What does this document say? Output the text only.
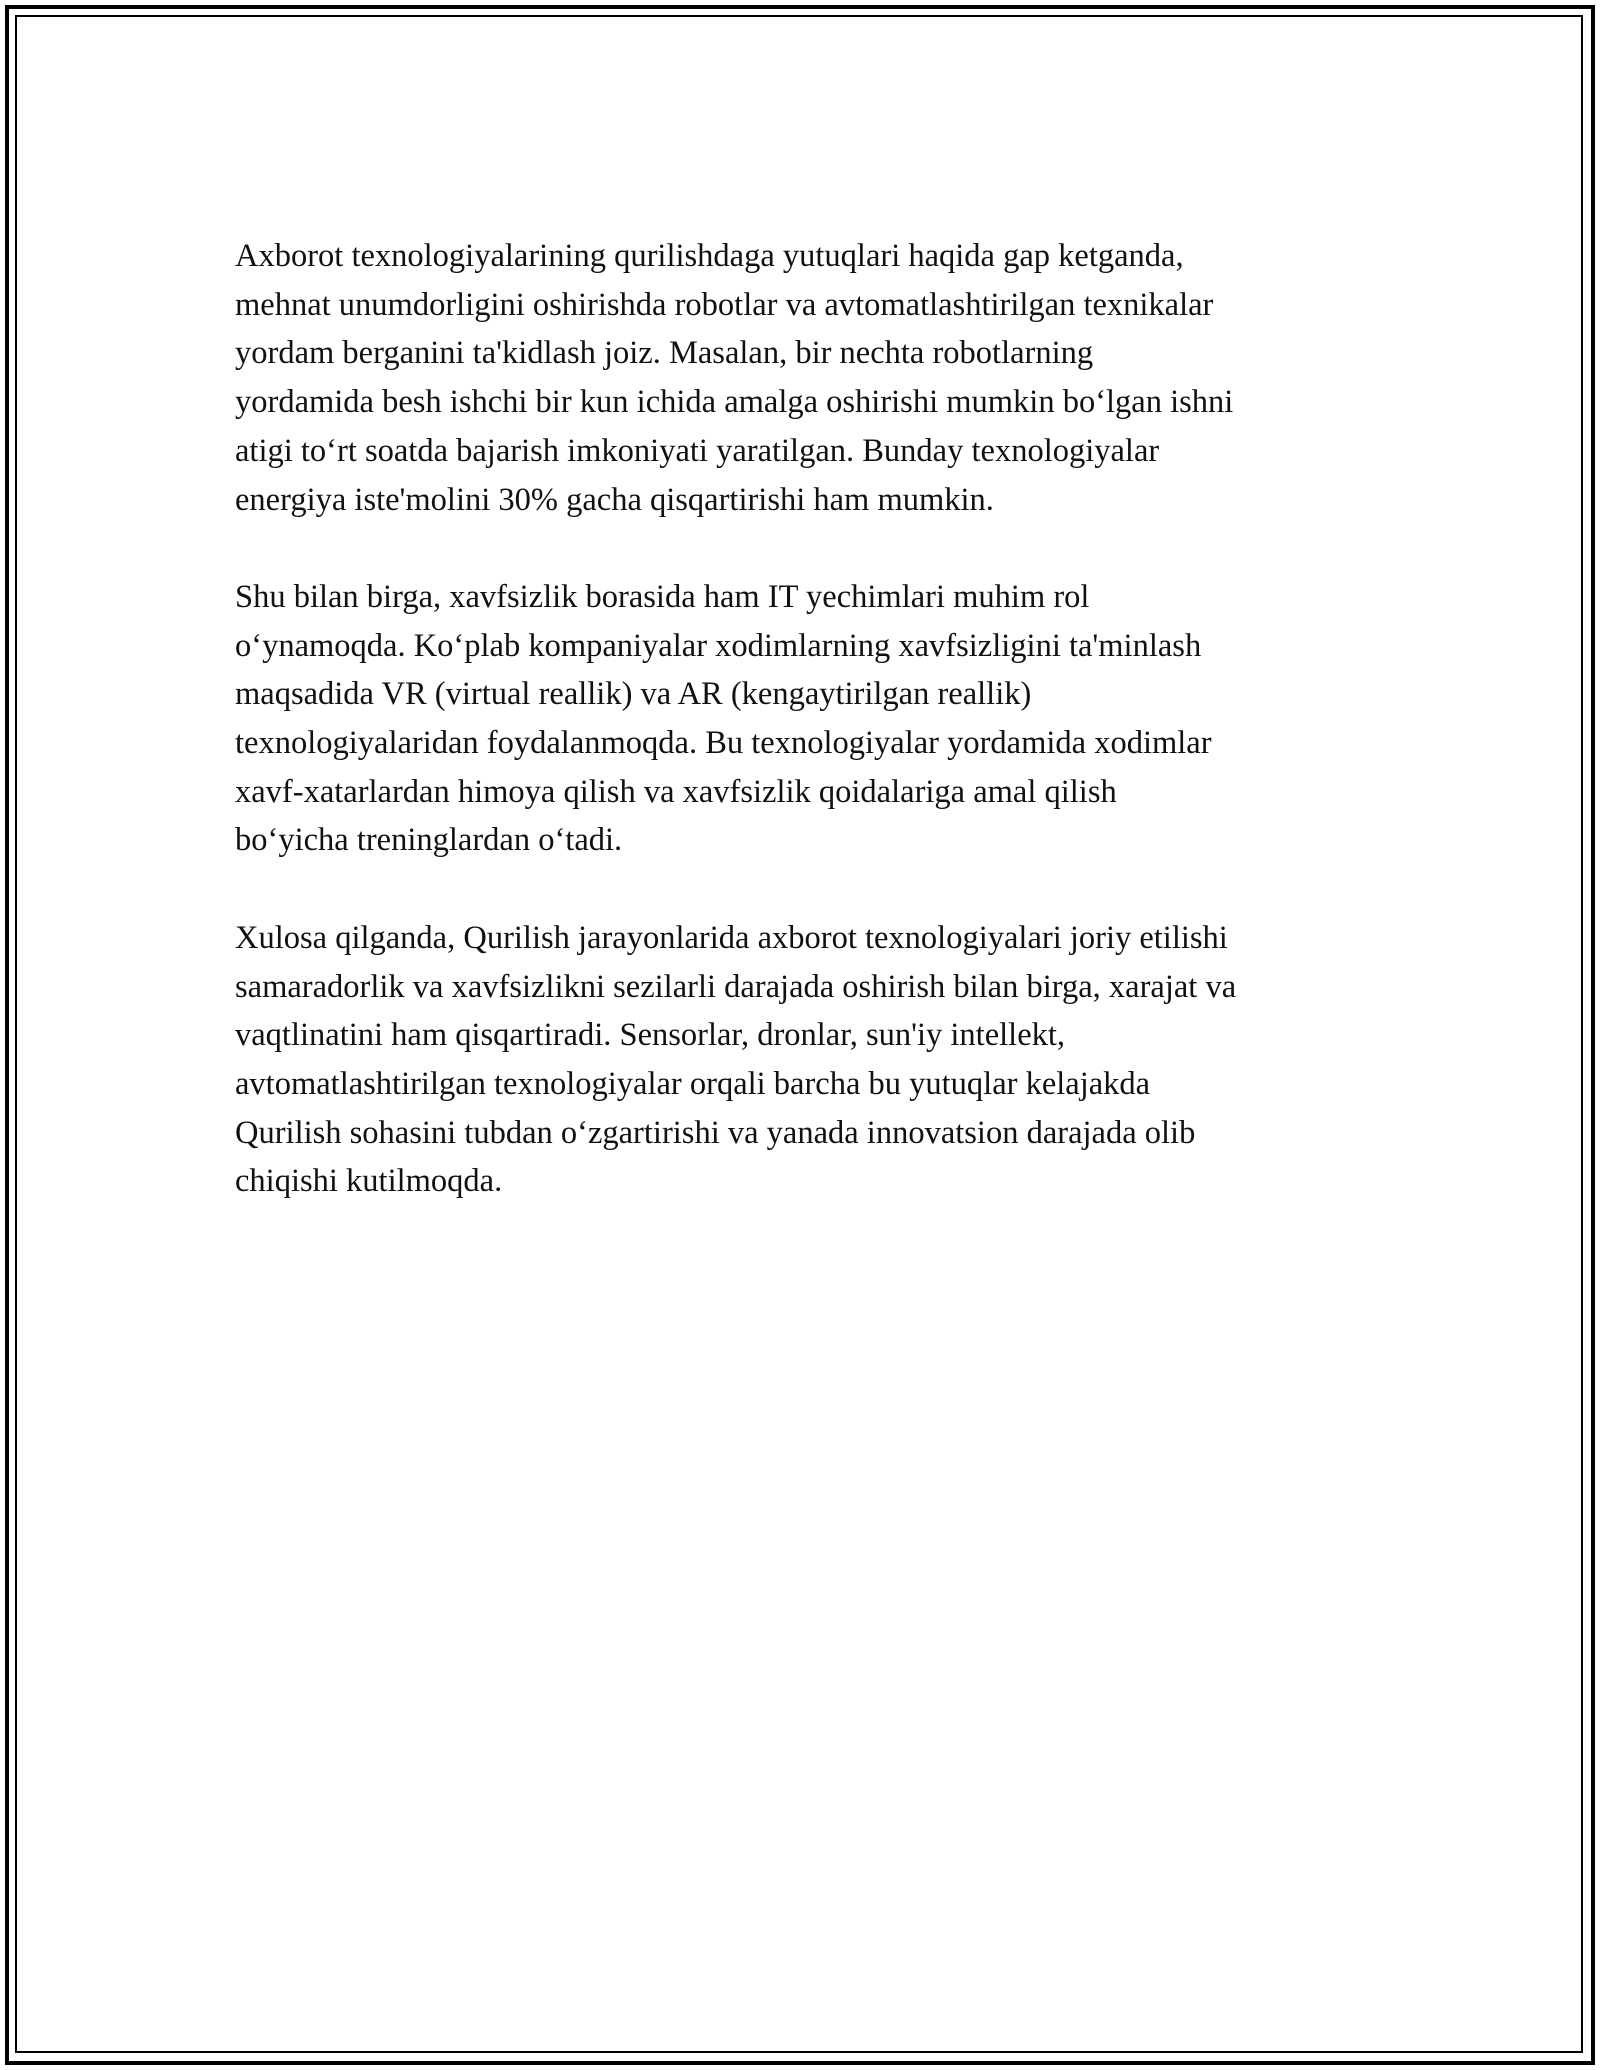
Axborot texnologiyalarining qurilishdaga yutuqlari haqida gap ketganda,
mehnat unumdorligini oshirishda robotlar va avtomatlashtirilgan texnikalar
yordam berganini ta'kidlash joiz. Masalan, bir nechta robotlarning
yordamida besh ishchi bir kun ichida amalga oshirishi mumkin bo‘lgan ishni
atigi to‘rt soatda bajarish imkoniyati yaratilgan. Bunday texnologiyalar
energiya iste'molini 30% gacha qisqartirishi ham mumkin.

Shu bilan birga, xavfsizlik borasida ham IT yechimlari muhim rol
o‘ynamoqda. Ko‘plab kompaniyalar xodimlarning xavfsizligini ta'minlash
maqsadida VR (virtual reallik) va AR (kengaytirilgan reallik)
texnologiyalaridan foydalanmoqda. Bu texnologiyalar yordamida xodimlar
xavf-xatarlardan himoya qilish va xavfsizlik qoidalariga amal qilish
bo‘yicha treninglardan o‘tadi.

Xulosa qilganda, Qurilish jarayonlarida axborot texnologiyalari joriy etilishi
samaradorlik va xavfsizlikni sezilarli darajada oshirish bilan birga, xarajat va
vaqtlinatini ham qisqartiradi. Sensorlar, dronlar, sun'iy intellekt,
avtomatlashtirilgan texnologiyalar orqali barcha bu yutuqlar kelajakda
Qurilish sohasini tubdan o‘zgartirishi va yanada innovatsion darajada olib
chiqishi kutilmoqda.
